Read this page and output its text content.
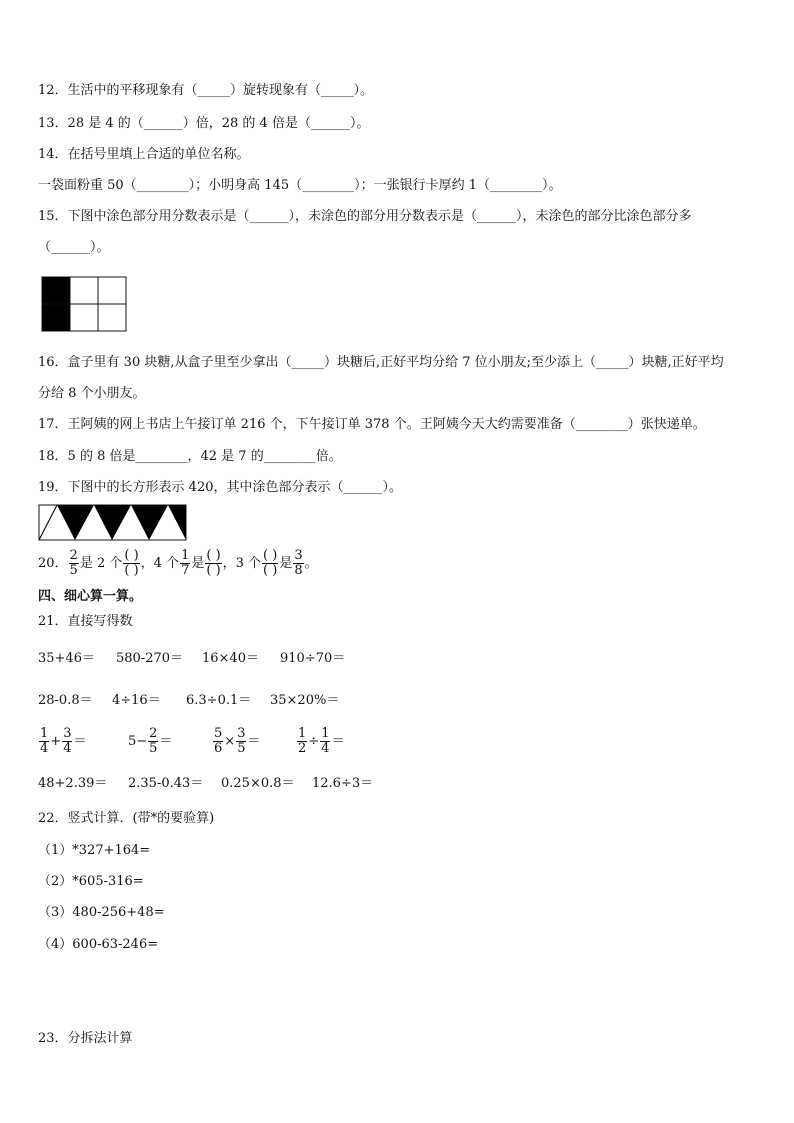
12．生活中的平移现象有（_____）旋转现象有（_____）。
13．28 是 4 的（______）倍，28 的 4 倍是（______）。
14．在括号里填上合适的单位名称。
一袋面粉重 50（________）；小明身高 145（________）；一张银行卡厚约 1（________）。
15．下图中涂色部分用分数表示是（______），未涂色的部分用分数表示是（______），未涂色的部分比涂色部分多
（______）。
16．盒子里有 30 块糖,从盒子里至少拿出（_____）块糖后,正好平均分给 7 位小朋友;至少添上（_____）块糖,正好平均
分给 8 个小朋友。
17．王阿姨的网上书店上午接订单 216 个，下午接订单 378 个。王阿姨今天大约需要准备（________）张快递单。
18．5 的 8 倍是________，42 是 7 的________倍。
19．下图中的长方形表示 420，其中涂色部分表示（______）。
20． $\frac{2}{5}$ 是 2 个 $\frac{( )}{( )}$ ，4 个 $\frac{1}{7}$ 是 $\frac{( )}{( )}$ ，3 个 $\frac{( )}{( )}$ 是 $\frac{3}{8}$ 。
四、细心算一算。
21．直接写得数
35+46＝ 580-270＝ 16×40＝ 910÷70＝
28-0.8＝ 4÷16＝ 6.3÷0.1＝ 35×20%＝
$\frac{1}{4} + \frac{3}{4}$ ＝	$5- \frac{2}{5}$ ＝	$\frac{5}{6} \times \frac{3}{5}$ ＝	$\frac{1}{2} \div \frac{1}{4}$ ＝
48+2.39＝ 2.35-0.43＝ 0.25×0.8＝ 12.6÷3＝
22．竖式计算．(带*的要验算)
（1）*327+164=
（2）*605-316=
（3）480-256+48=
（4）600-63-246=
23．分拆法计算
